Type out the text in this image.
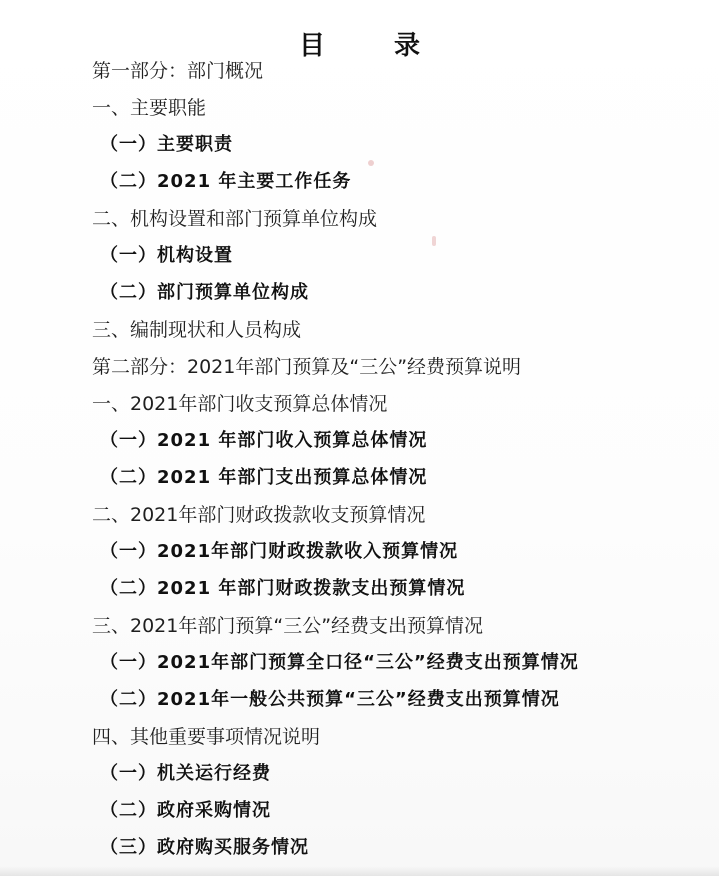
目 录
第一部分：部门概况
一、主要职能
（一）主要职责
（二）2021 年主要工作任务
二、机构设置和部门预算单位构成
（一）机构设置
（二）部门预算单位构成
三、编制现状和人员构成
第二部分：2021年部门预算及“三公”经费预算说明
一、2021年部门收支预算总体情况
（一）2021 年部门收入预算总体情况
（二）2021 年部门支出预算总体情况
二、2021年部门财政拨款收支预算情况
（一）2021年部门财政拨款收入预算情况
（二）2021 年部门财政拨款支出预算情况
三、2021年部门预算“三公”经费支出预算情况
（一）2021年部门预算全口径“三公”经费支出预算情况
（二）2021年一般公共预算“三公”经费支出预算情况
四、其他重要事项情况说明
（一）机关运行经费
（二）政府采购情况
（三）政府购买服务情况
